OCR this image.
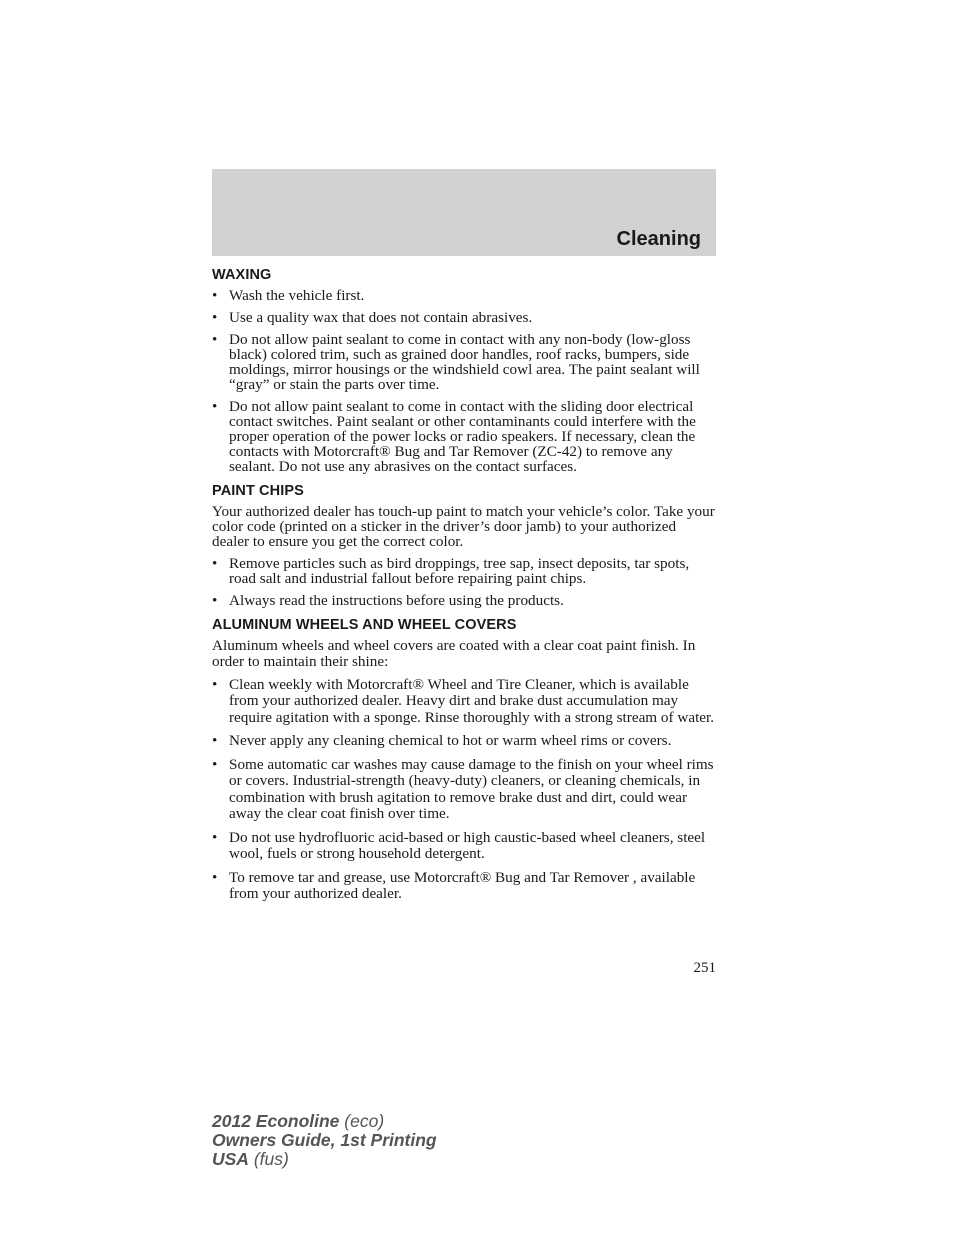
Cleaning
WAXING
• Wash the vehicle first.
• Use a quality wax that does not contain abrasives.
• Do not allow paint sealant to come in contact with any non-body (low-gloss black) colored trim, such as grained door handles, roof racks, bumpers, side moldings, mirror housings or the windshield cowl area. The paint sealant will “gray” or stain the parts over time.
• Do not allow paint sealant to come in contact with the sliding door electrical contact switches. Paint sealant or other contaminants could interfere with the proper operation of the power locks or radio speakers. If necessary, clean the contacts with Motorcraft® Bug and Tar Remover (ZC-42) to remove any sealant. Do not use any abrasives on the contact surfaces.
PAINT CHIPS

Your authorized dealer has touch-up paint to match your vehicle’s color. Take your color code (printed on a sticker in the driver’s door jamb) to your authorized dealer to ensure you get the correct color.

• Remove particles such as bird droppings, tree sap, insect deposits, tar spots, road salt and industrial fallout before repairing paint chips.
• Always read the instructions before using the products.
ALUMINUM WHEELS AND WHEEL COVERS

Aluminum wheels and wheel covers are coated with a clear coat paint finish. In order to maintain their shine:

• Clean weekly with Motorcraft® Wheel and Tire Cleaner, which is available from your authorized dealer. Heavy dirt and brake dust accumulation may require agitation with a sponge. Rinse thoroughly with a strong stream of water.
• Never apply any cleaning chemical to hot or warm wheel rims or covers.
• Some automatic car washes may cause damage to the finish on your wheel rims or covers. Industrial-strength (heavy-duty) cleaners, or cleaning chemicals, in combination with brush agitation to remove brake dust and dirt, could wear away the clear coat finish over time.
• Do not use hydrofluoric acid-based or high caustic-based wheel cleaners, steel wool, fuels or strong household detergent.
• To remove tar and grease, use Motorcraft® Bug and Tar Remover , available from your authorized dealer.
251
2012 Econoline (eco)
Owners Guide, 1st Printing
USA (fus)
